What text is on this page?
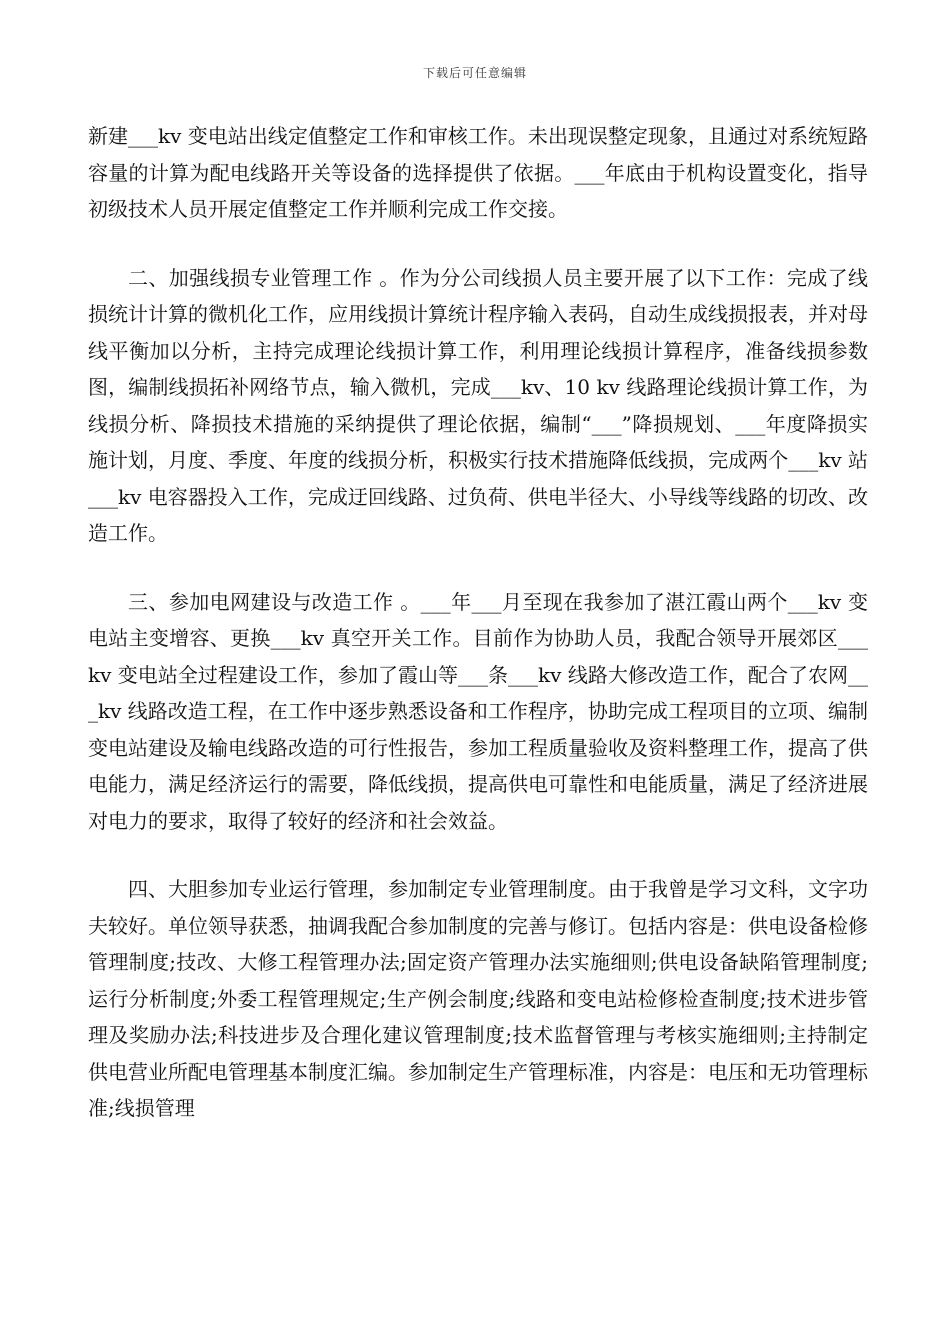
下载后可任意编辑

新建___kv 变电站出线定值整定工作和审核工作。未出现误整定现象，且通过对系统短路容量的计算为配电线路开关等设备的选择提供了依据。___年底由于机构设置变化，指导初级技术人员开展定值整定工作并顺利完成工作交接。

二、加强线损专业管理工作 。作为分公司线损人员主要开展了以下工作：完成了线损统计计算的微机化工作，应用线损计算统计程序输入表码，自动生成线损报表，并对母线平衡加以分析，主持完成理论线损计算工作，利用理论线损计算程序，准备线损参数图，编制线损拓补网络节点，输入微机，完成___kv、10 kv 线路理论线损计算工作，为线损分析、降损技术措施的采纳提供了理论依据，编制“___”降损规划、___年度降损实施计划，月度、季度、年度的线损分析，积极实行技术措施降低线损，完成两个___kv 站___kv 电容器投入工作，完成迂回线路、过负荷、供电半径大、小导线等线路的切改、改造工作。

三、参加电网建设与改造工作 。___年___月至现在我参加了湛江霞山两个___kv 变电站主变增容、更换___kv 真空开关工作。目前作为协助人员，我配合领导开展郊区___kv 变电站全过程建设工作，参加了霞山等___条___kv 线路大修改造工作，配合了农网___kv 线路改造工程，在工作中逐步熟悉设备和工作程序，协助完成工程项目的立项、编制变电站建设及输电线路改造的可行性报告，参加工程质量验收及资料整理工作，提高了供电能力，满足经济运行的需要，降低线损，提高供电可靠性和电能质量，满足了经济进展对电力的要求，取得了较好的经济和社会效益。

四、大胆参加专业运行管理，参加制定专业管理制度。由于我曾是学习文科，文字功夫较好。单位领导获悉，抽调我配合参加制度的完善与修订。包括内容是：供电设备检修管理制度;技改、大修工程管理办法;固定资产管理办法实施细则;供电设备缺陷管理制度;运行分析制度;外委工程管理规定;生产例会制度;线路和变电站检修检查制度;技术进步管理及奖励办法;科技进步及合理化建议管理制度;技术监督管理与考核实施细则;主持制定供电营业所配电管理基本制度汇编。参加制定生产管理标准，内容是：电压和无功管理标准;线损管理
